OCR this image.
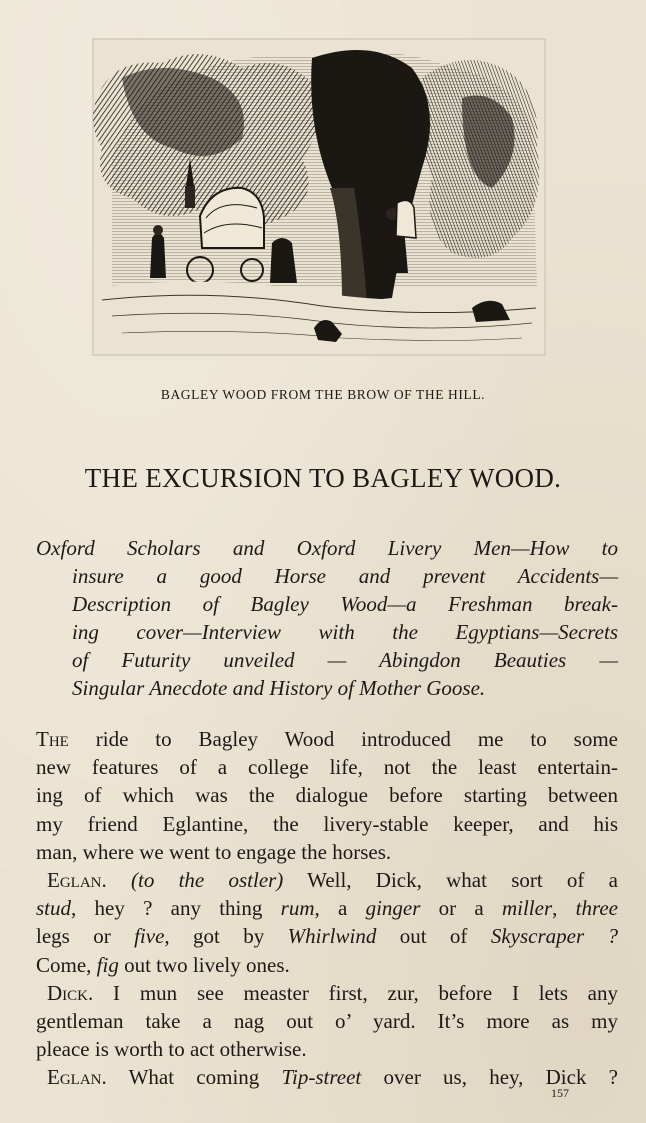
BAGLEY WOOD FROM THE BROW OF THE HILL.
THE EXCURSION TO BAGLEY WOOD.
Oxford Scholars and Oxford Livery Men—How to
insure a good Horse and prevent Accidents—
Description of Bagley Wood—a Freshman break-
ing cover—Interview with the Egyptians—Secrets
of Futurity unveiled — Abingdon Beauties —
Singular Anecdote and History of Mother Goose.
The ride to Bagley Wood introduced me to some
new features of a college life, not the least entertain-
ing of which was the dialogue before starting between
my friend Eglantine, the livery-stable keeper, and his
man, where we went to engage the horses.
Eglan. (to the ostler) Well, Dick, what sort of a
stud, hey ? any thing rum, a ginger or a miller, three
legs or five, got by Whirlwind out of Skyscraper ?
Come, fig out two lively ones.
Dick. I mun see measter first, zur, before I lets any
gentleman take a nag out o’ yard. It’s more as my
pleace is worth to act otherwise.
Eglan. What coming Tip-street over us, hey, Dick ?
157
